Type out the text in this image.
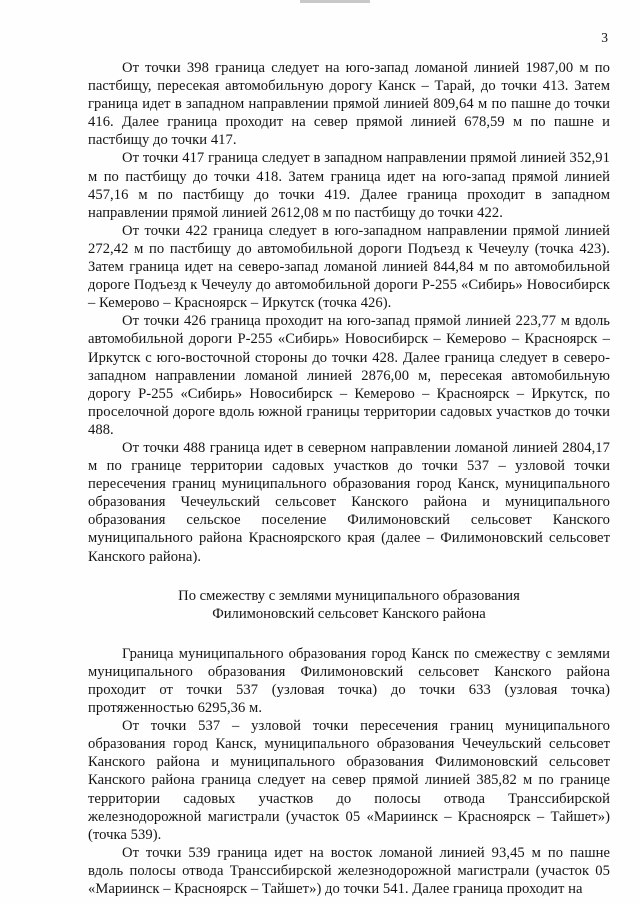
3

От точки 398 граница следует на юго-запад ломаной линией 1987,00 м по пастбищу, пересекая автомобильную дорогу Канск – Тарай, до точки 413. Затем граница идет в западном направлении прямой линией 809,64 м по пашне до точки 416. Далее граница проходит на север прямой линией 678,59 м по пашне и пастбищу до точки 417.

От точки 417 граница следует в западном направлении прямой линией 352,91 м по пастбищу до точки 418. Затем граница идет на юго-запад прямой линией 457,16 м по пастбищу до точки 419. Далее граница проходит в западном направлении прямой линией 2612,08 м по пастбищу до точки 422.

От точки 422 граница следует в юго-западном направлении прямой линией 272,42 м по пастбищу до автомобильной дороги Подъезд к Чечеулу (точка 423). Затем граница идет на северо-запад ломаной линией 844,84 м по автомобильной дороге Подъезд к Чечеулу до автомобильной дороги Р-255 «Сибирь» Новосибирск – Кемерово – Красноярск – Иркутск (точка 426).

От точки 426 граница проходит на юго-запад прямой линией 223,77 м вдоль автомобильной дороги Р-255 «Сибирь» Новосибирск – Кемерово – Красноярск – Иркутск с юго-восточной стороны до точки 428. Далее граница следует в северо-западном направлении ломаной линией 2876,00 м, пересекая автомобильную дорогу Р-255 «Сибирь» Новосибирск – Кемерово – Красноярск – Иркутск, по проселочной дороге вдоль южной границы территории садовых участков до точки 488.

От точки 488 граница идет в северном направлении ломаной линией 2804,17 м по границе территории садовых участков до точки 537 – узловой точки пересечения границ муниципального образования город Канск, муниципального образования Чечеульский сельсовет Канского района и муниципального образования сельское поселение Филимоновский сельсовет Канского муниципального района Красноярского края (далее – Филимоновский сельсовет Канского района).

По смежеству с землями муниципального образования
Филимоновский сельсовет Канского района

Граница муниципального образования город Канск по смежеству с землями муниципального образования Филимоновский сельсовет Канского района проходит от точки 537 (узловая точка) до точки 633 (узловая точка) протяженностью 6295,36 м.

От точки 537 – узловой точки пересечения границ муниципального образования город Канск, муниципального образования Чечеульский сельсовет Канского района и муниципального образования Филимоновский сельсовет Канского района граница следует на север прямой линией 385,82 м по границе территории садовых участков до полосы отвода Транссибирской железнодорожной магистрали (участок 05 «Мариинск – Красноярск – Тайшет») (точка 539).

От точки 539 граница идет на восток ломаной линией 93,45 м по пашне вдоль полосы отвода Транссибирской железнодорожной магистрали (участок 05 «Мариинск – Красноярск – Тайшет») до точки 541. Далее граница проходит на
